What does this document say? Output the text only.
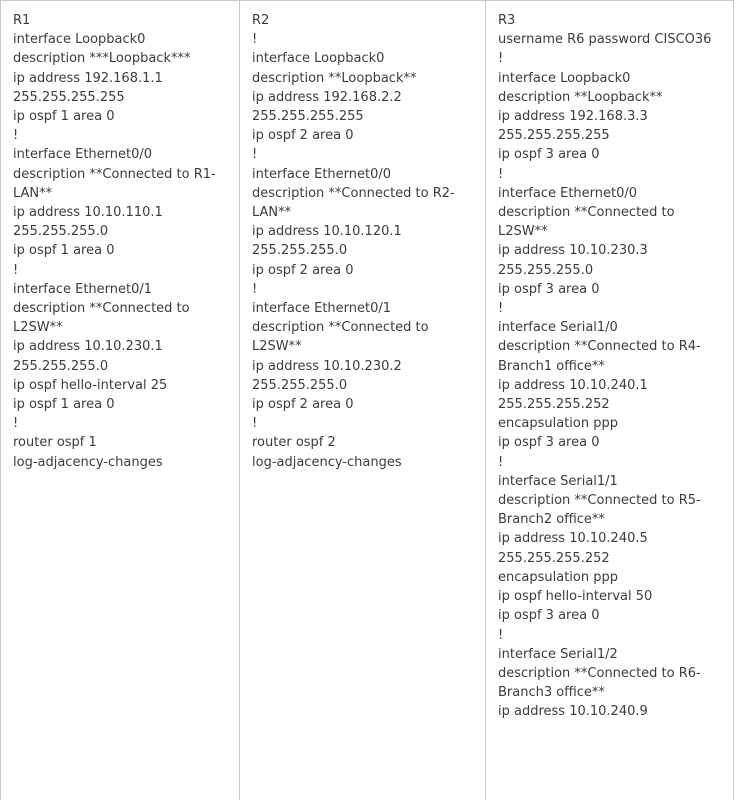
R1
interface Loopback0
description ***Loopback***
ip address 192.168.1.1
255.255.255.255
ip ospf 1 area 0
!
interface Ethernet0/0
description **Connected to R1-
LAN**
ip address 10.10.110.1
255.255.255.0
ip ospf 1 area 0
!
interface Ethernet0/1
description **Connected to
L2SW**
ip address 10.10.230.1
255.255.255.0
ip ospf hello-interval 25
ip ospf 1 area 0
!
router ospf 1
log-adjacency-changes
R2
!
interface Loopback0
description **Loopback**
ip address 192.168.2.2
255.255.255.255
ip ospf 2 area 0
!
interface Ethernet0/0
description **Connected to R2-
LAN**
ip address 10.10.120.1
255.255.255.0
ip ospf 2 area 0
!
interface Ethernet0/1
description **Connected to
L2SW**
ip address 10.10.230.2
255.255.255.0
ip ospf 2 area 0
!
router ospf 2
log-adjacency-changes
R3
username R6 password CISCO36
!
interface Loopback0
description **Loopback**
ip address 192.168.3.3
255.255.255.255
ip ospf 3 area 0
!
interface Ethernet0/0
description **Connected to
L2SW**
ip address 10.10.230.3
255.255.255.0
ip ospf 3 area 0
!
interface Serial1/0
description **Connected to R4-
Branch1 office**
ip address 10.10.240.1
255.255.255.252
encapsulation ppp
ip ospf 3 area 0
!
interface Serial1/1
description **Connected to R5-
Branch2 office**
ip address 10.10.240.5
255.255.255.252
encapsulation ppp
ip ospf hello-interval 50
ip ospf 3 area 0
!
interface Serial1/2
description **Connected to R6-
Branch3 office**
ip address 10.10.240.9
